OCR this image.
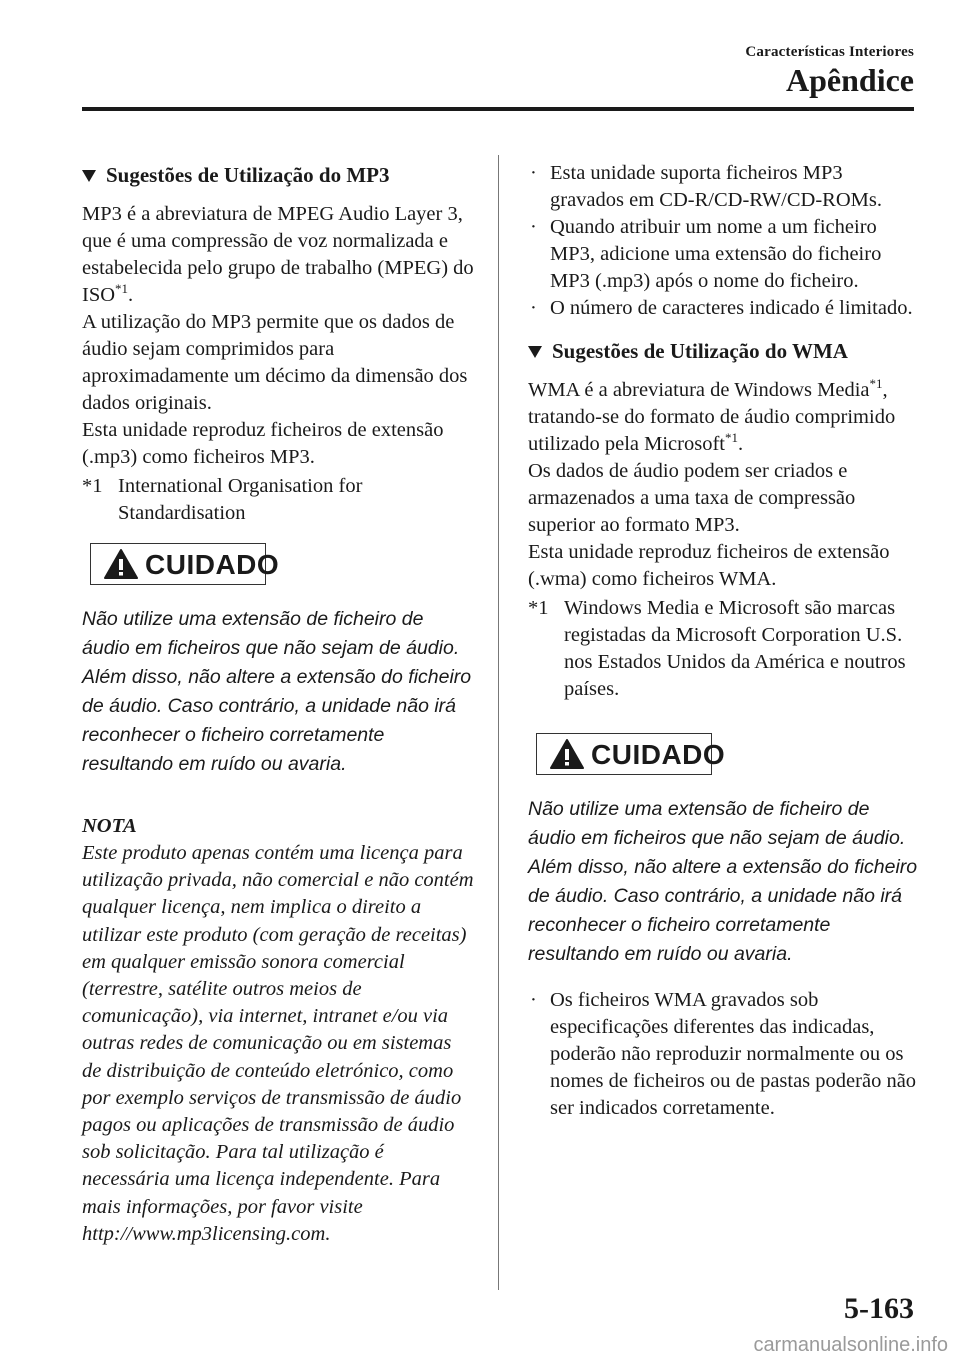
Características Interiores
Apêndice
Sugestões de Utilização do MP3

MP3 é a abreviatura de MPEG Audio Layer 3, que é uma compressão de voz normalizada e estabelecida pelo grupo de trabalho (MPEG) do ISO$^{*1}$.

A utilização do MP3 permite que os dados de áudio sejam comprimidos para aproximadamente um décimo da dimensão dos dados originais.

Esta unidade reproduz ficheiros de extensão (.mp3) como ficheiros MP3.

*1 International Organisation for Standardisation
CUIDADO

Não utilize uma extensão de ficheiro de áudio em ficheiros que não sejam de áudio. Além disso, não altere a extensão do ficheiro de áudio. Caso contrário, a unidade não irá reconhecer o ficheiro corretamente resultando em ruído ou avaria.

NOTA

Este produto apenas contém uma licença para utilização privada, não comercial e não contém qualquer licença, nem implica o direito a utilizar este produto (com geração de receitas) em qualquer emissão sonora comercial (terrestre, satélite outros meios de comunicação), via internet, intranet e/ou via outras redes de comunicação ou em sistemas de distribuição de conteúdo eletrónico, como por exemplo serviços de transmissão de áudio pagos ou aplicações de transmissão de áudio sob solicitação. Para tal utilização é necessária uma licença independente. Para mais informações, por favor visite http://www.mp3licensing.com.

· Esta unidade suporta ficheiros MP3 gravados em CD-R/CD-RW/CD-ROMs.
· Quando atribuir um nome a um ficheiro MP3, adicione uma extensão do ficheiro MP3 (.mp3) após o nome do ficheiro.
· O número de caracteres indicado é limitado.
Sugestões de Utilização do WMA

WMA é a abreviatura de Windows Media$^{*1}$, tratando-se do formato de áudio comprimido utilizado pela Microsoft$^{*1}$.

Os dados de áudio podem ser criados e armazenados a uma taxa de compressão superior ao formato MP3.

Esta unidade reproduz ficheiros de extensão (.wma) como ficheiros WMA.

*1 Windows Media e Microsoft são marcas registadas da Microsoft Corporation U.S. nos Estados Unidos da América e noutros países.
CUIDADO

Não utilize uma extensão de ficheiro de áudio em ficheiros que não sejam de áudio. Além disso, não altere a extensão do ficheiro de áudio. Caso contrário, a unidade não irá reconhecer o ficheiro corretamente resultando em ruído ou avaria.

· Os ficheiros WMA gravados sob especificações diferentes das indicadas, poderão não reproduzir normalmente ou os nomes de ficheiros ou de pastas poderão não ser indicados corretamente.
5-163
carmanualsonline.info
